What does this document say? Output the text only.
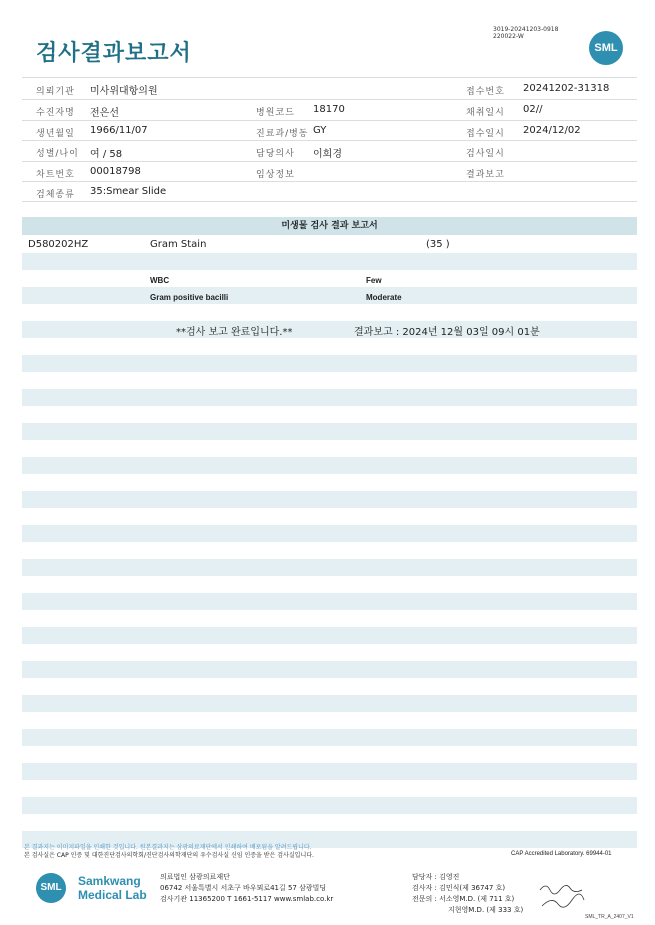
검사결과보고서
3019-20241203-0918
220022-W
SML
의뢰기관 미사위대항의원	접수번호 20241202-31318
수진자명 전은선	병원코드 18170	채취일시 02//
생년월일 1966/11/07	진료과/병동 GY	접수일시 2024/12/02
성별/나이 여 / 58	담당의사 이희경	검사일시
차트번호 00018798	임상정보	결과보고
검체종류 35:Smear Slide
미생물 검사 결과 보고서
D580202HZ	Gram Stain	(35 )
WBC	Few
Gram positive bacilli	Moderate
**검사 보고 완료입니다.**	결과보고 : 2024년 12월 03일 09시 01분
본 결과지는 이미지파일을 인쇄한 것입니다. 원본결과지는 삼광의료재단에서 인쇄하여 배포됨을 알려드립니다.
본 검사실은 CAP 인증 및 대한진단검사의학회/진단검사의학재단의 우수검사실 신임 인증을 받은 검사실입니다.	CAP Accredited Laboratory. 69944-01
SML	Samkwang
Medical Lab
의료법인 삼광의료재단
06742 서울특별시 서초구 바우뫼로41길 57 삼광빌딩
검사기관 11365200 T 1661-5117 www.smlab.co.kr
담당자 : 김영진
검사자 : 김민식(제 36747 호)
전문의 : 서소영M.D. (제 711 호)
지현영M.D. (제 333 호)
SML_TR_A_2407_V1
